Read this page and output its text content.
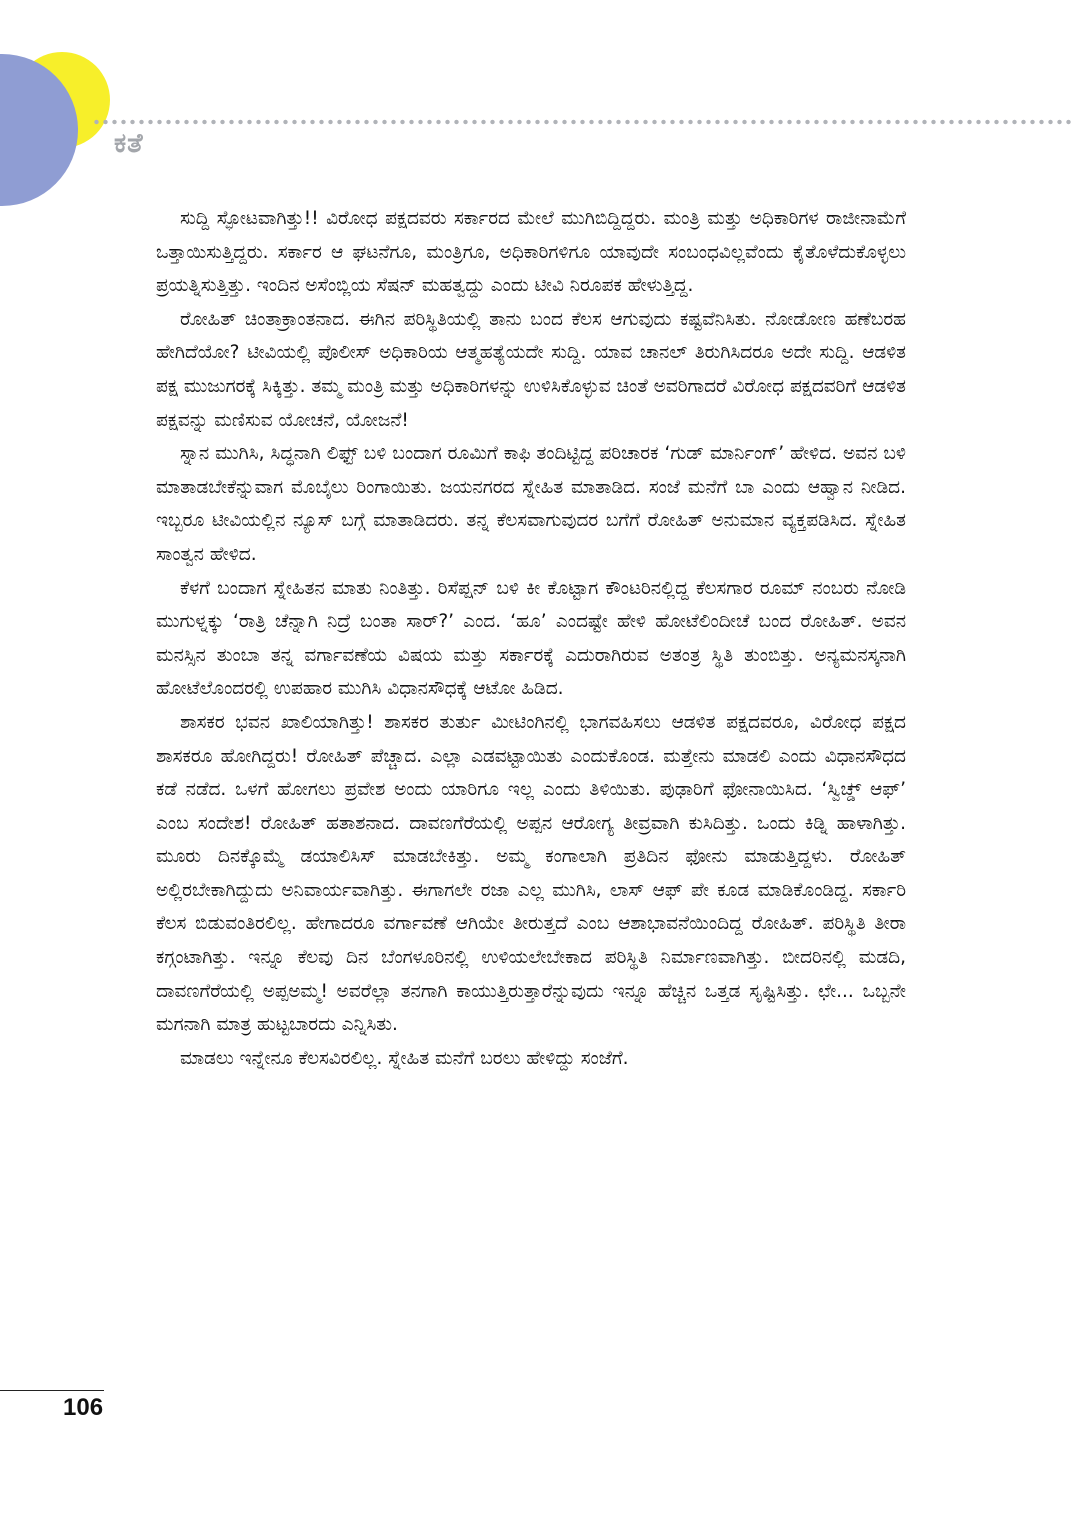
ಕತೆ

ಸುದ್ದಿ ಸ್ಫೋಟವಾಗಿತ್ತು!! ವಿರೋಧ ಪಕ್ಷದವರು ಸರ್ಕಾರದ ಮೇಲೆ ಮುಗಿಬಿದ್ದಿದ್ದರು. ಮಂತ್ರಿ ಮತ್ತು ಅಧಿಕಾರಿಗಳ ರಾಜೀನಾಮೆಗೆ ಒತ್ತಾಯಿಸುತ್ತಿದ್ದರು. ಸರ್ಕಾರ ಆ ಘಟನೆಗೂ, ಮಂತ್ರಿಗೂ, ಅಧಿಕಾರಿಗಳಿಗೂ ಯಾವುದೇ ಸಂಬಂಧವಿಲ್ಲವೆಂದು ಕೈತೊಳೆದುಕೊಳ್ಳಲು ಪ್ರಯತ್ನಿಸುತ್ತಿತ್ತು. ಇಂದಿನ ಅಸೆಂಬ್ಲಿಯ ಸೆಷನ್ ಮಹತ್ವದ್ದು ಎಂದು ಟೀವಿ ನಿರೂಪಕ ಹೇಳುತ್ತಿದ್ದ.

ರೋಹಿತ್ ಚಿಂತಾಕ್ರಾಂತನಾದ. ಈಗಿನ ಪರಿಸ್ಥಿತಿಯಲ್ಲಿ ತಾನು ಬಂದ ಕೆಲಸ ಆಗುವುದು ಕಷ್ಟವೆನಿಸಿತು. ನೋಡೋಣ ಹಣೆಬರಹ ಹೇಗಿದೆಯೋ? ಟೀವಿಯಲ್ಲಿ ಪೊಲೀಸ್ ಅಧಿಕಾರಿಯ ಆತ್ಮಹತ್ಯೆಯದೇ ಸುದ್ದಿ. ಯಾವ ಚಾನಲ್ ತಿರುಗಿಸಿದರೂ ಅದೇ ಸುದ್ದಿ. ಆಡಳಿತ ಪಕ್ಷ ಮುಜುಗರಕ್ಕೆ ಸಿಕ್ಕಿತ್ತು. ತಮ್ಮ ಮಂತ್ರಿ ಮತ್ತು ಅಧಿಕಾರಿಗಳನ್ನು ಉಳಿಸಿಕೊಳ್ಳುವ ಚಿಂತೆ ಅವರಿಗಾದರೆ ವಿರೋಧ ಪಕ್ಷದವರಿಗೆ ಆಡಳಿತ ಪಕ್ಷವನ್ನು ಮಣಿಸುವ ಯೋಚನೆ, ಯೋಜನೆ!

ಸ್ನಾನ ಮುಗಿಸಿ, ಸಿದ್ಧನಾಗಿ ಲಿಫ್ಟ್ ಬಳಿ ಬಂದಾಗ ರೂಮಿಗೆ ಕಾಫಿ ತಂದಿಟ್ಟಿದ್ದ ಪರಿಚಾರಕ ‘ಗುಡ್ ಮಾರ್ನಿಂಗ್’ ಹೇಳಿದ. ಅವನ ಬಳಿ ಮಾತಾಡಬೇಕೆನ್ನುವಾಗ ಮೊಬೈಲು ರಿಂಗಾಯಿತು. ಜಯನಗರದ ಸ್ನೇಹಿತ ಮಾತಾಡಿದ. ಸಂಜೆ ಮನೆಗೆ ಬಾ ಎಂದು ಆಹ್ವಾನ ನೀಡಿದ. ಇಬ್ಬರೂ ಟೀವಿಯಲ್ಲಿನ ನ್ಯೂಸ್ ಬಗ್ಗೆ ಮಾತಾಡಿದರು. ತನ್ನ ಕೆಲಸವಾಗುವುದರ ಬಗೆಗೆ ರೋಹಿತ್ ಅನುಮಾನ ವ್ಯಕ್ತಪಡಿಸಿದ. ಸ್ನೇಹಿತ ಸಾಂತ್ವನ ಹೇಳಿದ.

ಕೆಳಗೆ ಬಂದಾಗ ಸ್ನೇಹಿತನ ಮಾತು ನಿಂತಿತ್ತು. ರಿಸೆಪ್ಷನ್ ಬಳಿ ಕೀ ಕೊಟ್ಟಾಗ ಕೌಂಟರಿನಲ್ಲಿದ್ದ ಕೆಲಸಗಾರ ರೂಮ್ ನಂಬರು ನೋಡಿ ಮುಗುಳ್ನಕ್ಕು ‘ರಾತ್ರಿ ಚೆನ್ನಾಗಿ ನಿದ್ರೆ ಬಂತಾ ಸಾರ್?’ ಎಂದ. ‘ಹೂ’ ಎಂದಷ್ಟೇ ಹೇಳಿ ಹೋಟೆಲಿಂದೀಚೆ ಬಂದ ರೋಹಿತ್. ಅವನ ಮನಸ್ಸಿನ ತುಂಬಾ ತನ್ನ ವರ್ಗಾವಣೆಯ ವಿಷಯ ಮತ್ತು ಸರ್ಕಾರಕ್ಕೆ ಎದುರಾಗಿರುವ ಅತಂತ್ರ ಸ್ಥಿತಿ ತುಂಬಿತ್ತು. ಅನ್ಯಮನಸ್ಕನಾಗಿ ಹೋಟೆಲೊಂದರಲ್ಲಿ ಉಪಹಾರ ಮುಗಿಸಿ ವಿಧಾನಸೌಧಕ್ಕೆ ಆಟೋ ಹಿಡಿದ.

ಶಾಸಕರ ಭವನ ಖಾಲಿಯಾಗಿತ್ತು! ಶಾಸಕರ ತುರ್ತು ಮೀಟಿಂಗಿನಲ್ಲಿ ಭಾಗವಹಿಸಲು ಆಡಳಿತ ಪಕ್ಷದವರೂ, ವಿರೋಧ ಪಕ್ಷದ ಶಾಸಕರೂ ಹೋಗಿದ್ದರು! ರೋಹಿತ್ ಪೆಚ್ಚಾದ. ಎಲ್ಲಾ ಎಡವಟ್ಟಾಯಿತು ಎಂದುಕೊಂಡ. ಮತ್ತೇನು ಮಾಡಲಿ ಎಂದು ವಿಧಾನಸೌಧದ ಕಡೆ ನಡೆದ. ಒಳಗೆ ಹೋಗಲು ಪ್ರವೇಶ ಅಂದು ಯಾರಿಗೂ ಇಲ್ಲ ಎಂದು ತಿಳಿಯಿತು. ಪುಢಾರಿಗೆ ಫೋನಾಯಿಸಿದ. ‘ಸ್ವಿಚ್ಡ್ ಆಫ್’ ಎಂಬ ಸಂದೇಶ! ರೋಹಿತ್ ಹತಾಶನಾದ. ದಾವಣಗೆರೆಯಲ್ಲಿ ಅಪ್ಪನ ಆರೋಗ್ಯ ತೀವ್ರವಾಗಿ ಕುಸಿದಿತ್ತು. ಒಂದು ಕಿಡ್ನಿ ಹಾಳಾಗಿತ್ತು. ಮೂರು ದಿನಕ್ಕೊಮ್ಮೆ ಡಯಾಲಿಸಿಸ್ ಮಾಡಬೇಕಿತ್ತು. ಅಮ್ಮ ಕಂಗಾಲಾಗಿ ಪ್ರತಿದಿನ ಫೋನು ಮಾಡುತ್ತಿದ್ದಳು. ರೋಹಿತ್ ಅಲ್ಲಿರಬೇಕಾಗಿದ್ದುದು ಅನಿವಾರ್ಯವಾಗಿತ್ತು. ಈಗಾಗಲೇ ರಜಾ ಎಲ್ಲ ಮುಗಿಸಿ, ಲಾಸ್ ಆಫ್ ಪೇ ಕೂಡ ಮಾಡಿಕೊಂಡಿದ್ದ. ಸರ್ಕಾರಿ ಕೆಲಸ ಬಿಡುವಂತಿರಲಿಲ್ಲ. ಹೇಗಾದರೂ ವರ್ಗಾವಣೆ ಆಗಿಯೇ ತೀರುತ್ತದೆ ಎಂಬ ಆಶಾಭಾವನೆಯಿಂದಿದ್ದ ರೋಹಿತ್. ಪರಿಸ್ಥಿತಿ ತೀರಾ ಕಗ್ಗಂಟಾಗಿತ್ತು. ಇನ್ನೂ ಕೆಲವು ದಿನ ಬೆಂಗಳೂರಿನಲ್ಲಿ ಉಳಿಯಲೇಬೇಕಾದ ಪರಿಸ್ಥಿತಿ ನಿರ್ಮಾಣವಾಗಿತ್ತು. ಬೀದರಿನಲ್ಲಿ ಮಡದಿ, ದಾವಣಗೆರೆಯಲ್ಲಿ ಅಪ್ಪಅಮ್ಮ! ಅವರೆಲ್ಲಾ ತನಗಾಗಿ ಕಾಯುತ್ತಿರುತ್ತಾರೆನ್ನುವುದು ಇನ್ನೂ ಹೆಚ್ಚಿನ ಒತ್ತಡ ಸೃಷ್ಟಿಸಿತ್ತು. ಛೇ... ಒಬ್ಬನೇ ಮಗನಾಗಿ ಮಾತ್ರ ಹುಟ್ಟಬಾರದು ಎನ್ನಿಸಿತು.

ಮಾಡಲು ಇನ್ನೇನೂ ಕೆಲಸವಿರಲಿಲ್ಲ. ಸ್ನೇಹಿತ ಮನೆಗೆ ಬರಲು ಹೇಳಿದ್ದು ಸಂಜೆಗೆ.

106
